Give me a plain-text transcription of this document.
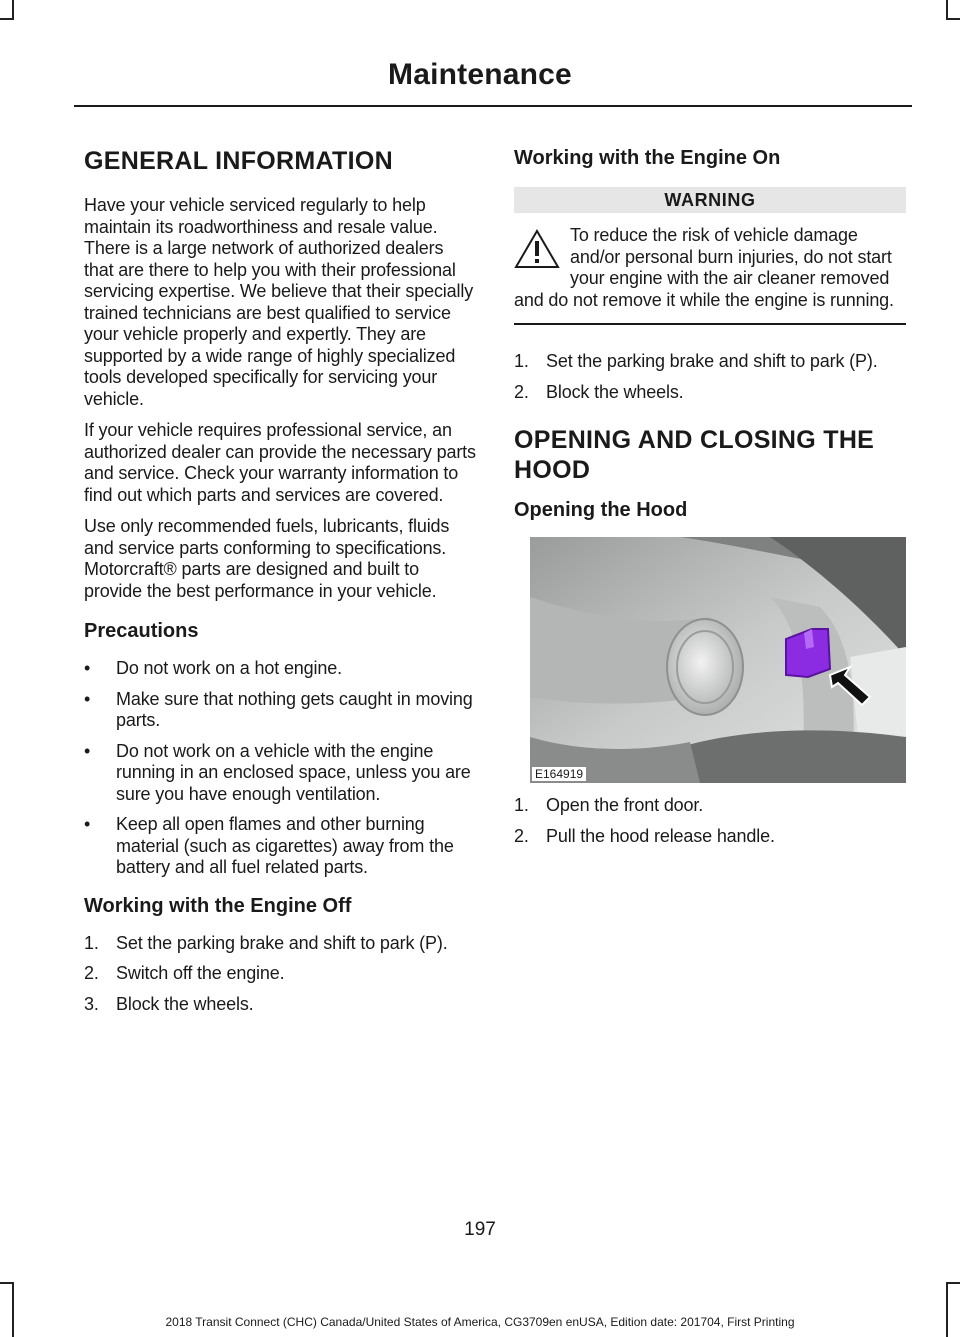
Maintenance
GENERAL INFORMATION

Have your vehicle serviced regularly to help maintain its roadworthiness and resale value. There is a large network of authorized dealers that are there to help you with their professional servicing expertise. We believe that their specially trained technicians are best qualified to service your vehicle properly and expertly. They are supported by a wide range of highly specialized tools developed specifically for servicing your vehicle.

If your vehicle requires professional service, an authorized dealer can provide the necessary parts and service. Check your warranty information to find out which parts and services are covered.

Use only recommended fuels, lubricants, fluids and service parts conforming to specifications. Motorcraft® parts are designed and built to provide the best performance in your vehicle.

Precautions
•	Do not work on a hot engine.
•	Make sure that nothing gets caught in moving parts.
•	Do not work on a vehicle with the engine running in an enclosed space, unless you are sure you have enough ventilation.
•	Keep all open flames and other burning material (such as cigarettes) away from the battery and all fuel related parts.
Working with the Engine Off
1. Set the parking brake and shift to park (P).
2. Switch off the engine.
3. Block the wheels.
Working with the Engine On
WARNING
To reduce the risk of vehicle damage and/or personal burn injuries, do not start your engine with the air cleaner removed and do not remove it while the engine is running.
1. Set the parking brake and shift to park (P).
2. Block the wheels.
OPENING AND CLOSING THE
HOOD
Opening the Hood
E164919
1. Open the front door.
2. Pull the hood release handle.
197
2018 Transit Connect (CHC) Canada/United States of America, CG3709en enUSA, Edition date: 201704, First Printing
